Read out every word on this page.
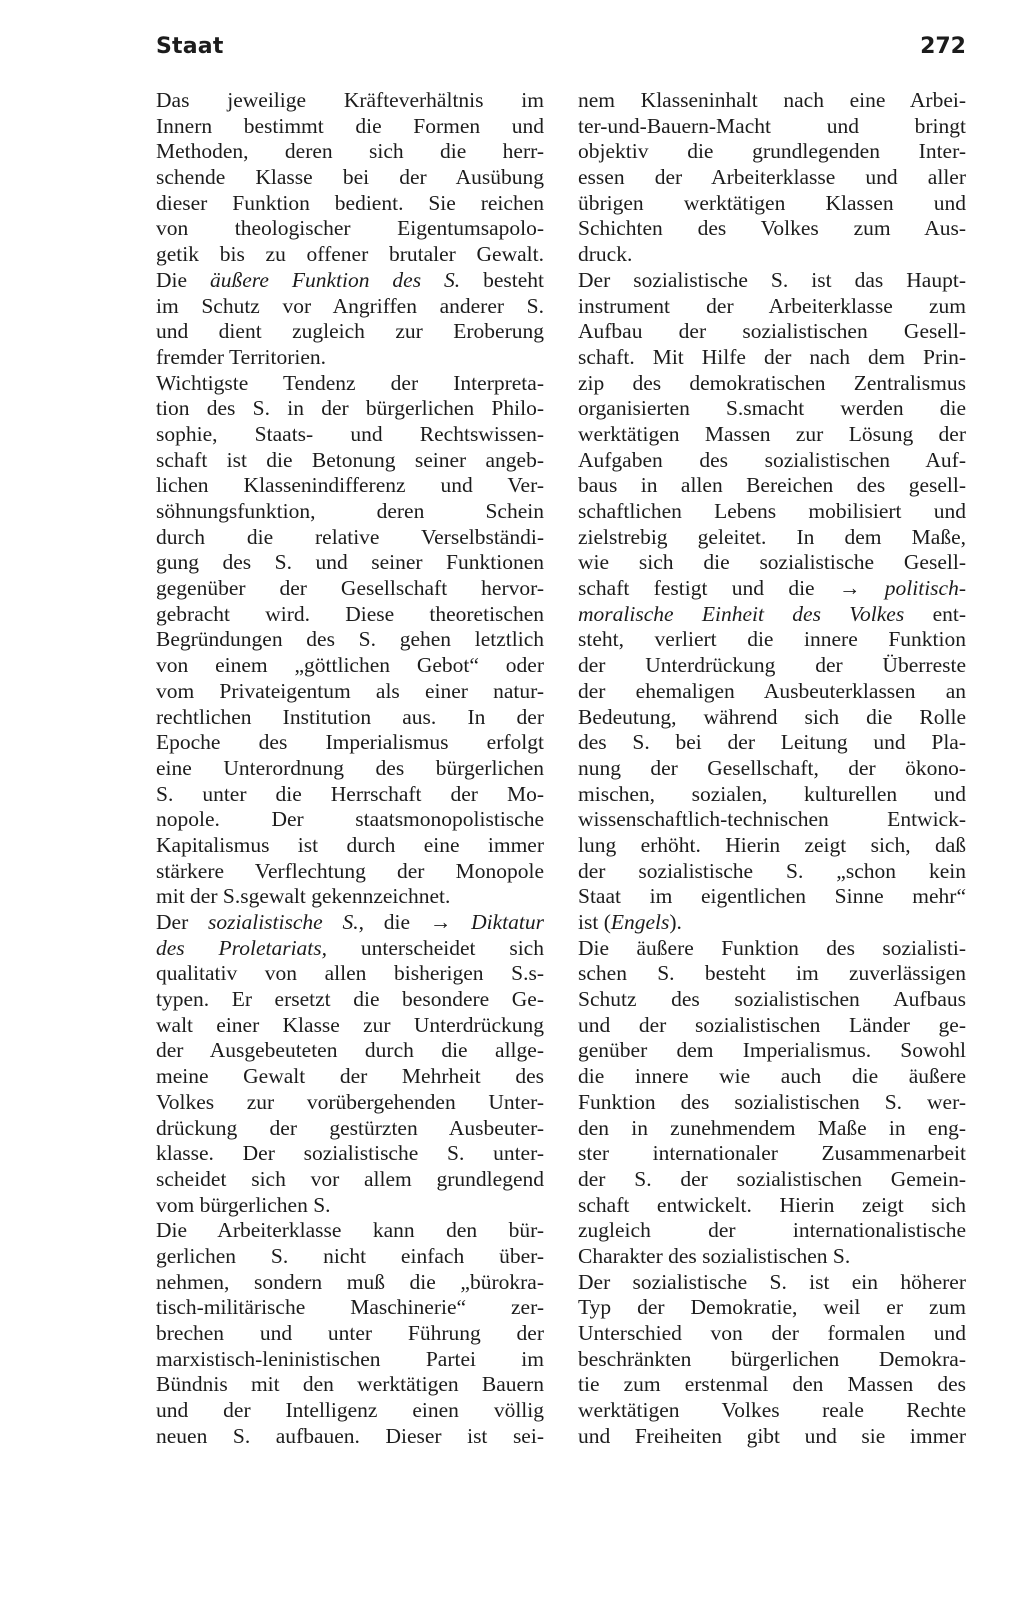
Staat	272
Das jeweilige Kräfteverhältnis im
Innern bestimmt die Formen und
Methoden, deren sich die herr-
schende Klasse bei der Ausübung
dieser Funktion bedient. Sie reichen
von theologischer Eigentumsapolo-
getik bis zu offener brutaler Gewalt.
Die äußere Funktion des S. besteht
im Schutz vor Angriffen anderer S.
und dient zugleich zur Eroberung
fremder Territorien.
Wichtigste Tendenz der Interpreta-
tion des S. in der bürgerlichen Philo-
sophie, Staats- und Rechtswissen-
schaft ist die Betonung seiner angeb-
lichen Klassenindifferenz und Ver-
söhnungsfunktion, deren Schein
durch die relative Verselbständi-
gung des S. und seiner Funktionen
gegenüber der Gesellschaft hervor-
gebracht wird. Diese theoretischen
Begründungen des S. gehen letztlich
von einem „göttlichen Gebot“ oder
vom Privateigentum als einer natur-
rechtlichen Institution aus. In der
Epoche des Imperialismus erfolgt
eine Unterordnung des bürgerlichen
S. unter die Herrschaft der Mo-
nopole. Der staatsmonopolistische
Kapitalismus ist durch eine immer
stärkere Verflechtung der Monopole
mit der S.sgewalt gekennzeichnet.
Der sozialistische S., die → Diktatur
des Proletariats, unterscheidet sich
qualitativ von allen bisherigen S.s-
typen. Er ersetzt die besondere Ge-
walt einer Klasse zur Unterdrückung
der Ausgebeuteten durch die allge-
meine Gewalt der Mehrheit des
Volkes zur vorübergehenden Unter-
drückung der gestürzten Ausbeuter-
klasse. Der sozialistische S. unter-
scheidet sich vor allem grundlegend
vom bürgerlichen S.
Die Arbeiterklasse kann den bür-
gerlichen S. nicht einfach über-
nehmen, sondern muß die „bürokra-
tisch-militärische Maschinerie“ zer-
brechen und unter Führung der
marxistisch-leninistischen Partei im
Bündnis mit den werktätigen Bauern
und der Intelligenz einen völlig
neuen S. aufbauen. Dieser ist sei-
nem Klasseninhalt nach eine Arbei-
ter-und-Bauern-Macht und bringt
objektiv die grundlegenden Inter-
essen der Arbeiterklasse und aller
übrigen werktätigen Klassen und
Schichten des Volkes zum Aus-
druck.
Der sozialistische S. ist das Haupt-
instrument der Arbeiterklasse zum
Aufbau der sozialistischen Gesell-
schaft. Mit Hilfe der nach dem Prin-
zip des demokratischen Zentralismus
organisierten S.smacht werden die
werktätigen Massen zur Lösung der
Aufgaben des sozialistischen Auf-
baus in allen Bereichen des gesell-
schaftlichen Lebens mobilisiert und
zielstrebig geleitet. In dem Maße,
wie sich die sozialistische Gesell-
schaft festigt und die → politisch-
moralische Einheit des Volkes ent-
steht, verliert die innere Funktion
der Unterdrückung der Überreste
der ehemaligen Ausbeuterklassen an
Bedeutung, während sich die Rolle
des S. bei der Leitung und Pla-
nung der Gesellschaft, der ökono-
mischen, sozialen, kulturellen und
wissenschaftlich-technischen Entwick-
lung erhöht. Hierin zeigt sich, daß
der sozialistische S. „schon kein
Staat im eigentlichen Sinne mehr“
ist (Engels).
Die äußere Funktion des sozialisti-
schen S. besteht im zuverlässigen
Schutz des sozialistischen Aufbaus
und der sozialistischen Länder ge-
genüber dem Imperialismus. Sowohl
die innere wie auch die äußere
Funktion des sozialistischen S. wer-
den in zunehmendem Maße in eng-
ster internationaler Zusammenarbeit
der S. der sozialistischen Gemein-
schaft entwickelt. Hierin zeigt sich
zugleich der internationalistische
Charakter des sozialistischen S.
Der sozialistische S. ist ein höherer
Typ der Demokratie, weil er zum
Unterschied von der formalen und
beschränkten bürgerlichen Demokra-
tie zum erstenmal den Massen des
werktätigen Volkes reale Rechte
und Freiheiten gibt und sie immer
